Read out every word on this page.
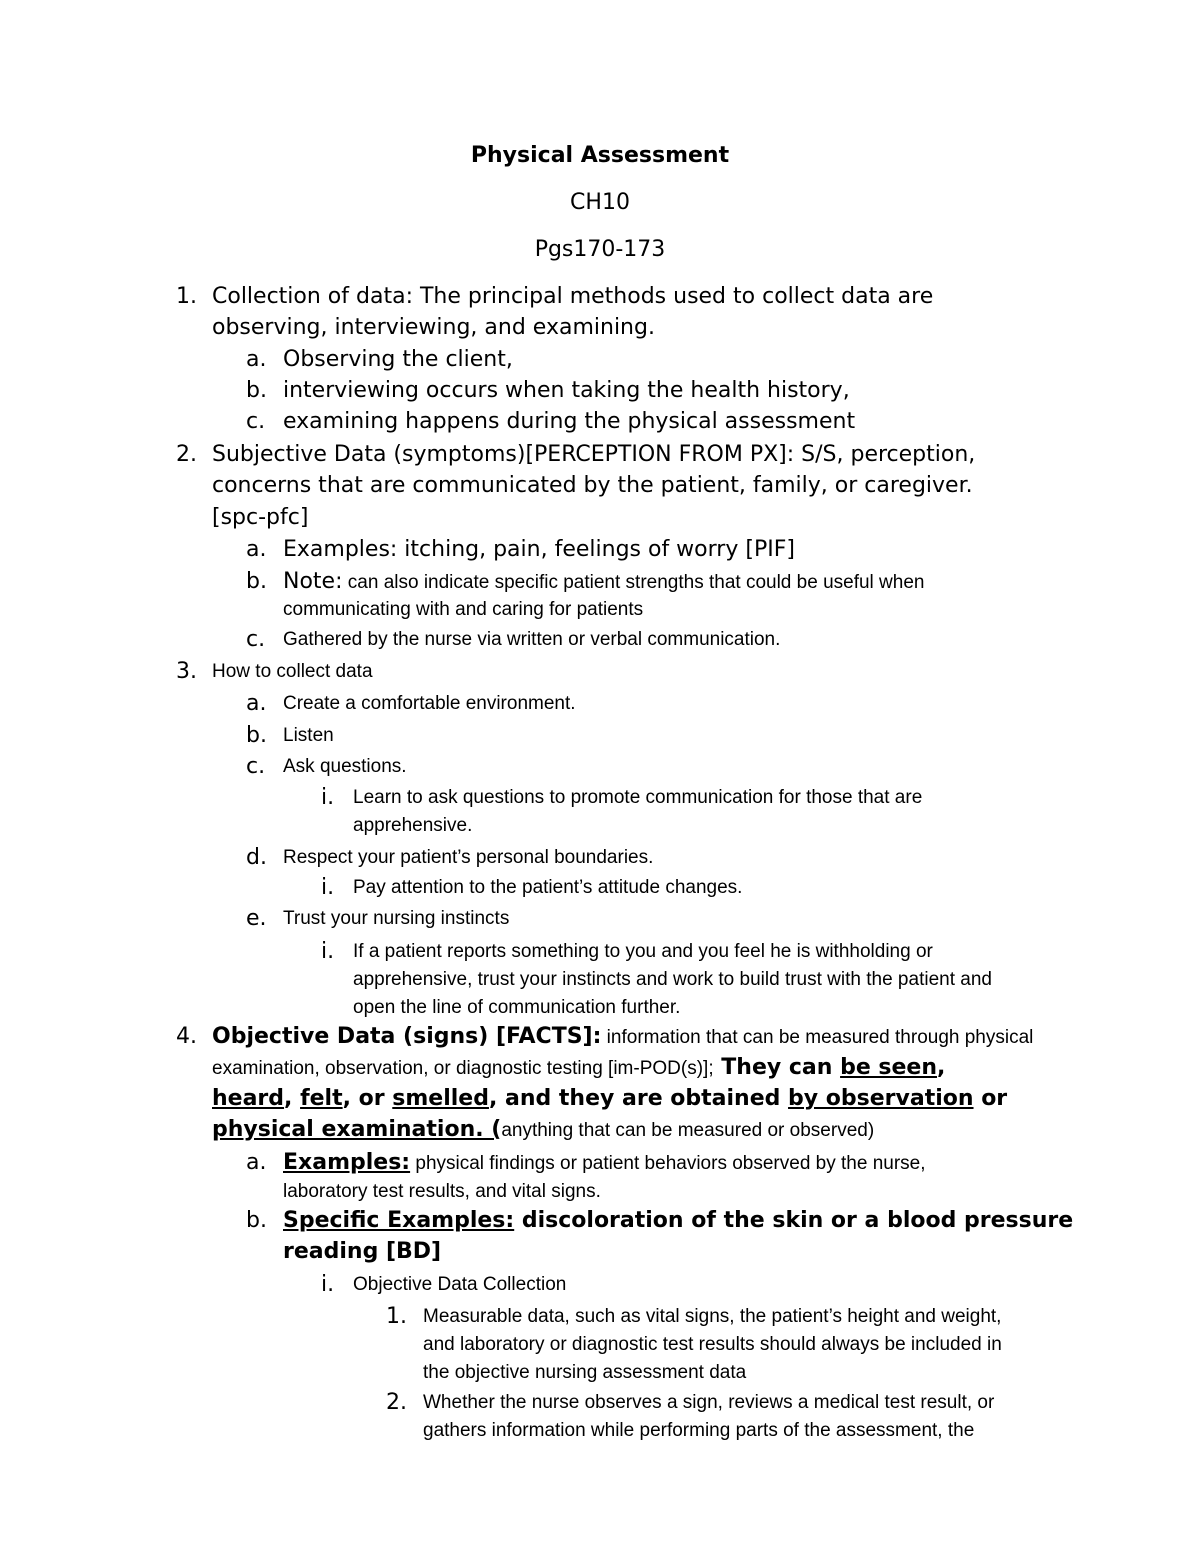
Physical Assessment

CH10

Pgs170-173

1. Collection of data: The principal methods used to collect data are

observing, interviewing, and examining.

a. Observing the client,

b. interviewing occurs when taking the health history,

c. examining happens during the physical assessment

2. Subjective Data (symptoms)[PERCEPTION FROM PX]: S/S, perception,

concerns that are communicated by the patient, family, or caregiver.

[spc-pfc]

a. Examples: itching, pain, feelings of worry [PIF]

b. Note: can also indicate specific patient strengths that could be useful when

communicating with and caring for patients

c. Gathered by the nurse via written or verbal communication.

3. How to collect data

a. Create a comfortable environment.

b. Listen

c. Ask questions.

i. Learn to ask questions to promote communication for those that are

apprehensive.

d. Respect your patient’s personal boundaries.

i. Pay attention to the patient’s attitude changes.

e. Trust your nursing instincts

i. If a patient reports something to you and you feel he is withholding or

apprehensive, trust your instincts and work to build trust with the patient and

open the line of communication further.

4. Objective Data (signs) [FACTS]: information that can be measured through physical

examination, observation, or diagnostic testing [im-POD(s)]; They can be seen,

heard, felt, or smelled, and they are obtained by observation or

physical examination. (anything that can be measured or observed)

a. Examples: physical findings or patient behaviors observed by the nurse,

laboratory test results, and vital signs.

b. Specific Examples: discoloration of the skin or a blood pressure

reading [BD]

i. Objective Data Collection

1. Measurable data, such as vital signs, the patient’s height and weight,

and laboratory or diagnostic test results should always be included in

the objective nursing assessment data

2. Whether the nurse observes a sign, reviews a medical test result, or

gathers information while performing parts of the assessment, the
